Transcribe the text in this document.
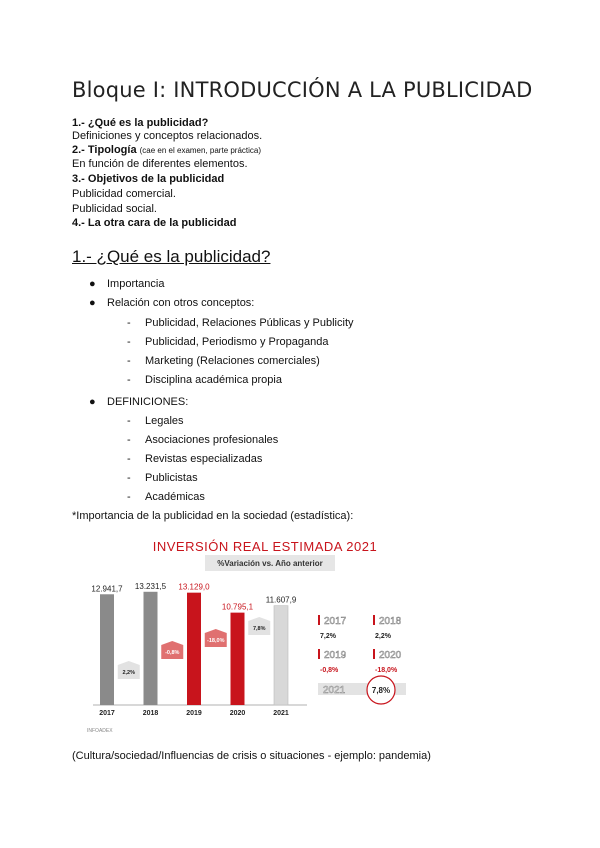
Bloque I: INTRODUCCIÓN A LA PUBLICIDAD
1.- ¿Qué es la publicidad?
Definiciones y conceptos relacionados.
2.- Tipología (cae en el examen, parte práctica)
En función de diferentes elementos.
3.- Objetivos de la publicidad
Publicidad comercial.
Publicidad social.
4.- La otra cara de la publicidad
1.- ¿Qué es la publicidad?
● Importancia
● Relación con otros conceptos:
- Publicidad, Relaciones Públicas y Publicity
- Publicidad, Periodismo y Propaganda
- Marketing (Relaciones comerciales)
- Disciplina académica propia
● DEFINICIONES:
- Legales
- Asociaciones profesionales
- Revistas especializadas
- Publicistas
- Académicas
*Importancia de la publicidad en la sociedad (estadística):
INVERSIÓN REAL ESTIMADA 2021
%Variación vs. Año anterior
12.941,7
2017
13.231,5
2018
13.129,0
2019
10.795,1
2020
11.607,9
2021
2,2%
-0,8%
-18,0%
7,8%
2017
7,2%
2018
2,2%
2019
-0,8%
2020
-18,0%
2021	7,8%
INFOADEX
(Cultura/sociedad/Influencias de crisis o situaciones - ejemplo: pandemia)
